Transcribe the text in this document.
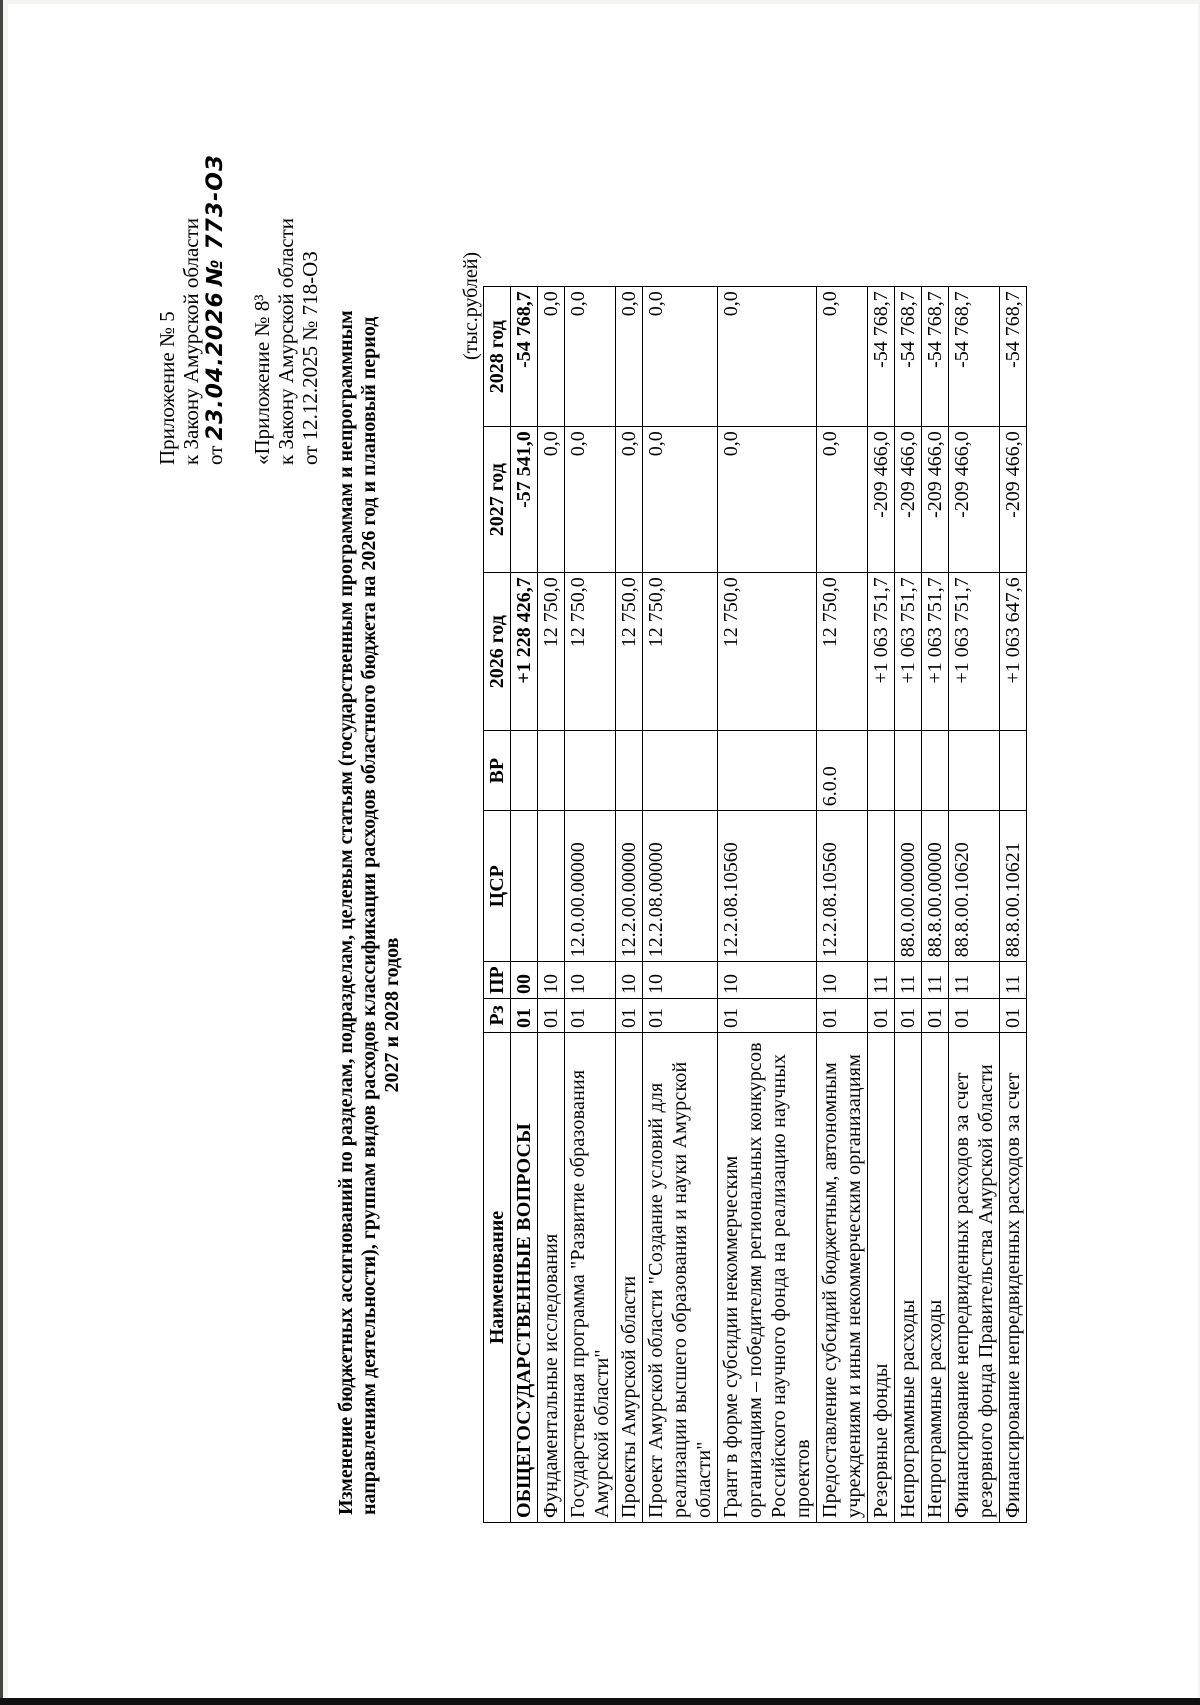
Приложение № 5 к Закону Амурской области от 23.04.2026 № 773-ОЗ
«Приложение № 8³ к Закону Амурской области от 12.12.2025 № 718-ОЗ Изменение бюджетных ассигнований по разделам, подразделам, целевым статьям (государственным программам и непрограммным направлениям деятельности), группам видов расходов классификации расходов областного бюджета на 2026 год и плановый период 2027 и 2028 годов
(тыс.рублей)
Наименование	Рз	ПР	ЦСР	ВР	2026 год	2027 год	2028 год
ОБЩЕГОСУДАРСТВЕННЫЕ ВОПРОСЫ	01	00			+1 228 426,7	-57 541,0	-54 768,7
Фундаментальные исследования	01	10			12 750,0	0,0	0,0
Государственная программа "Развитие образования Амурской области"	01	10	12.0.00.00000		12 750,0	0,0	0,0
Проекты Амурской области	01	10	12.2.00.00000		12 750,0	0,0	0,0
Проект Амурской области "Создание условий для реализации высшего образования и науки Амурской области"	01	10	12.2.08.00000		12 750,0	0,0	0,0
Грант в форме субсидии некоммерческим организациям – победителям региональных конкурсов Российского научного фонда на реализацию научных проектов	01	10	12.2.08.10560		12 750,0	0,0	0,0
Предоставление субсидий бюджетным, автономным учреждениям и иным некоммерческим организациям	01	10	12.2.08.10560	6.0.0	12 750,0	0,0	0,0
Резервные фонды	01	11			+1 063 751,7	-209 466,0	-54 768,7
Непрограммные расходы	01	11	88.0.00.00000		+1 063 751,7	-209 466,0	-54 768,7
Непрограммные расходы	01	11	88.8.00.00000		+1 063 751,7	-209 466,0	-54 768,7
Финансирование непредвиденных расходов за счет резервного фонда Правительства Амурской области	01	11	88.8.00.10620		+1 063 751,7	-209 466,0	-54 768,7
Финансирование непредвиденных расходов за счет	01	11	88.8.00.10621		+1 063 647,6	-209 466,0	-54 768,7
